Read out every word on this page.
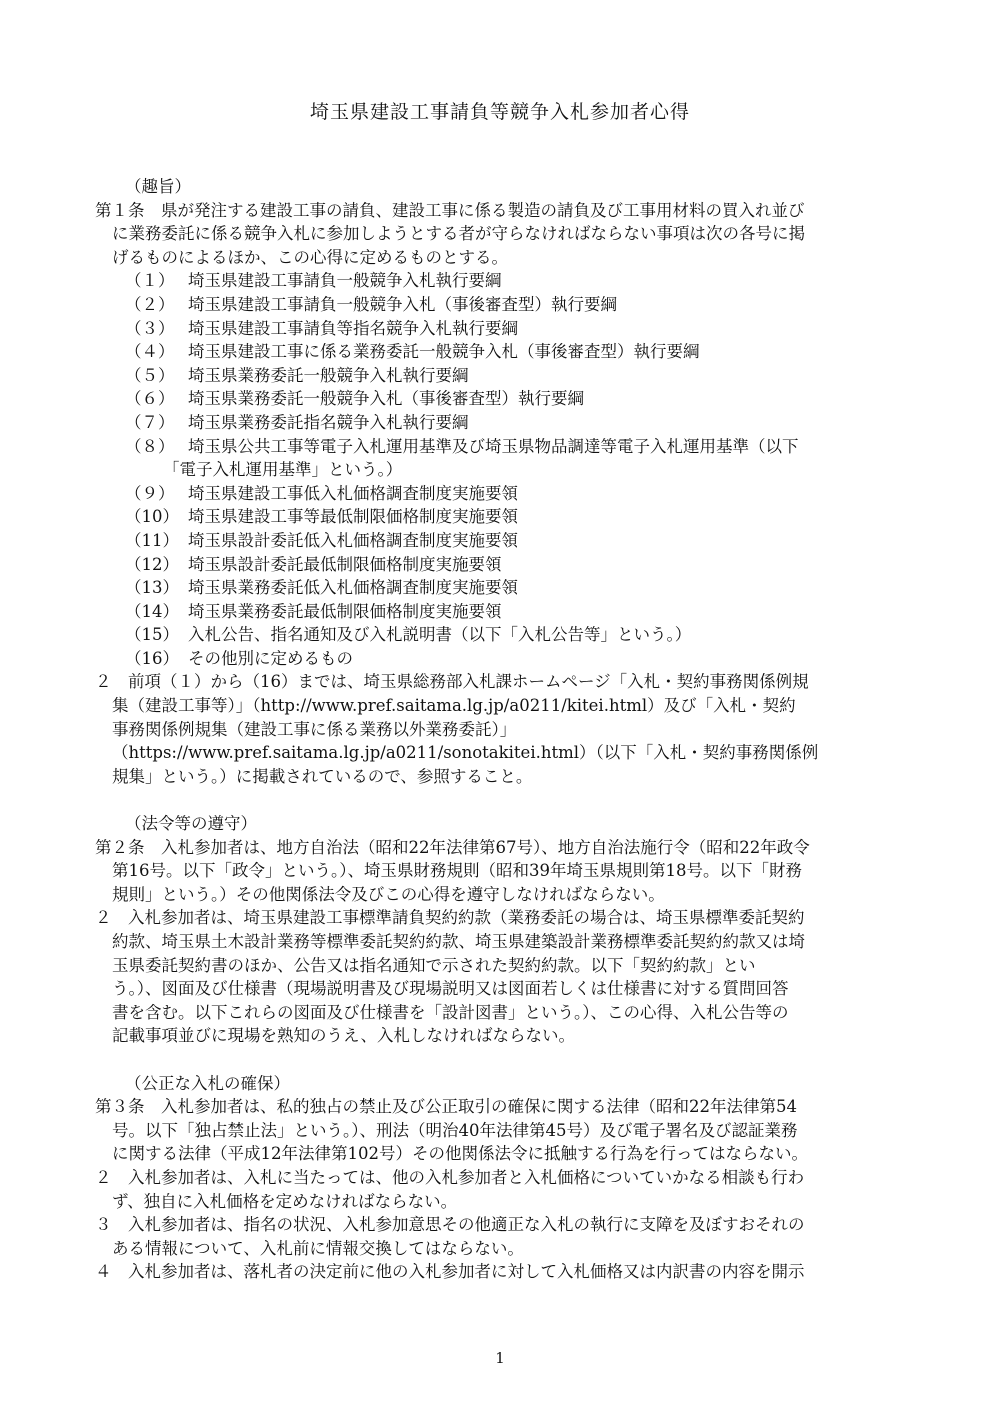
埼玉県建設工事請負等競争入札参加者心得
（趣旨）
第１条　県が発注する建設工事の請負、建設工事に係る製造の請負及び工事用材料の買入れ並び
に業務委託に係る競争入札に参加しようとする者が守らなければならない事項は次の各号に掲
げるものによるほか、この心得に定めるものとする。
（１） 埼玉県建設工事請負一般競争入札執行要綱
（２） 埼玉県建設工事請負一般競争入札（事後審査型）執行要綱
（３） 埼玉県建設工事請負等指名競争入札執行要綱
（４） 埼玉県建設工事に係る業務委託一般競争入札（事後審査型）執行要綱
（５） 埼玉県業務委託一般競争入札執行要綱
（６） 埼玉県業務委託一般競争入札（事後審査型）執行要綱
（７） 埼玉県業務委託指名競争入札執行要綱
（８） 埼玉県公共工事等電子入札運用基準及び埼玉県物品調達等電子入札運用基準（以下
「電子入札運用基準」という。）
（９） 埼玉県建設工事低入札価格調査制度実施要領
（10） 埼玉県建設工事等最低制限価格制度実施要領
（11） 埼玉県設計委託低入札価格調査制度実施要領
（12） 埼玉県設計委託最低制限価格制度実施要領
（13） 埼玉県業務委託低入札価格調査制度実施要領
（14） 埼玉県業務委託最低制限価格制度実施要領
（15） 入札公告、指名通知及び入札説明書（以下「入札公告等」という。）
（16） その他別に定めるもの
２　前項（１）から（16）までは、埼玉県総務部入札課ホームページ「入札・契約事務関係例規
集（建設工事等）」（http://www.pref.saitama.lg.jp/a0211/kitei.html）及び「入札・契約
事務関係例規集（建設工事に係る業務以外業務委託）」
（https://www.pref.saitama.lg.jp/a0211/sonotakitei.html）（以下「入札・契約事務関係例
規集」という。）に掲載されているので、参照すること。
（法令等の遵守）
第２条　入札参加者は、地方自治法（昭和22年法律第67号）、地方自治法施行令（昭和22年政令
第16号。以下「政令」という。）、埼玉県財務規則（昭和39年埼玉県規則第18号。以下「財務
規則」という。）その他関係法令及びこの心得を遵守しなければならない。
２　入札参加者は、埼玉県建設工事標準請負契約約款（業務委託の場合は、埼玉県標準委託契約
約款、埼玉県土木設計業務等標準委託契約約款、埼玉県建築設計業務標準委託契約約款又は埼
玉県委託契約書のほか、公告又は指名通知で示された契約約款。以下「契約約款」とい
う。）、図面及び仕様書（現場説明書及び現場説明又は図面若しくは仕様書に対する質問回答
書を含む。以下これらの図面及び仕様書を「設計図書」という。）、この心得、入札公告等の
記載事項並びに現場を熟知のうえ、入札しなければならない。
（公正な入札の確保）
第３条　入札参加者は、私的独占の禁止及び公正取引の確保に関する法律（昭和22年法律第54
号。以下「独占禁止法」という。）、刑法（明治40年法律第45号）及び電子署名及び認証業務
に関する法律（平成12年法律第102号）その他関係法令に抵触する行為を行ってはならない。
２　入札参加者は、入札に当たっては、他の入札参加者と入札価格についていかなる相談も行わ
ず、独自に入札価格を定めなければならない。
３　入札参加者は、指名の状況、入札参加意思その他適正な入札の執行に支障を及ぼすおそれの
ある情報について、入札前に情報交換してはならない。
４　入札参加者は、落札者の決定前に他の入札参加者に対して入札価格又は内訳書の内容を開示
1
